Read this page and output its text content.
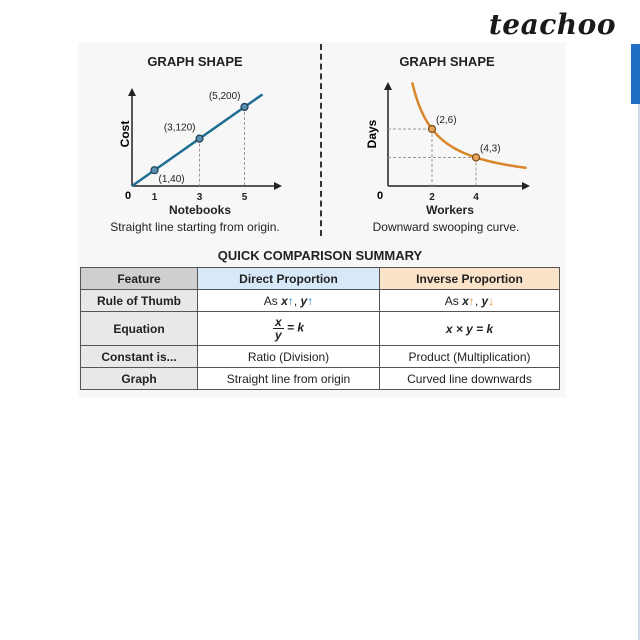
teachoo
GRAPH SHAPE
Cost
0
(1,40)
(3,120)
(5,200)
1	3	5
Notebooks
Straight line starting from origin.
GRAPH SHAPE
Days
0
(2,6)
(4,3)
2	4
Workers
Downward swooping curve.
QUICK COMPARISON SUMMARY
Feature	Direct Proportion	Inverse Proportion
Rule of Thumb	As x↑, y↑	As x↑, y↓
Equation	$\frac{x}{y} = k$	x × y = k
Constant is...	Ratio (Division)	Product (Multiplication)
Graph	Straight line from origin	Curved line downwards
